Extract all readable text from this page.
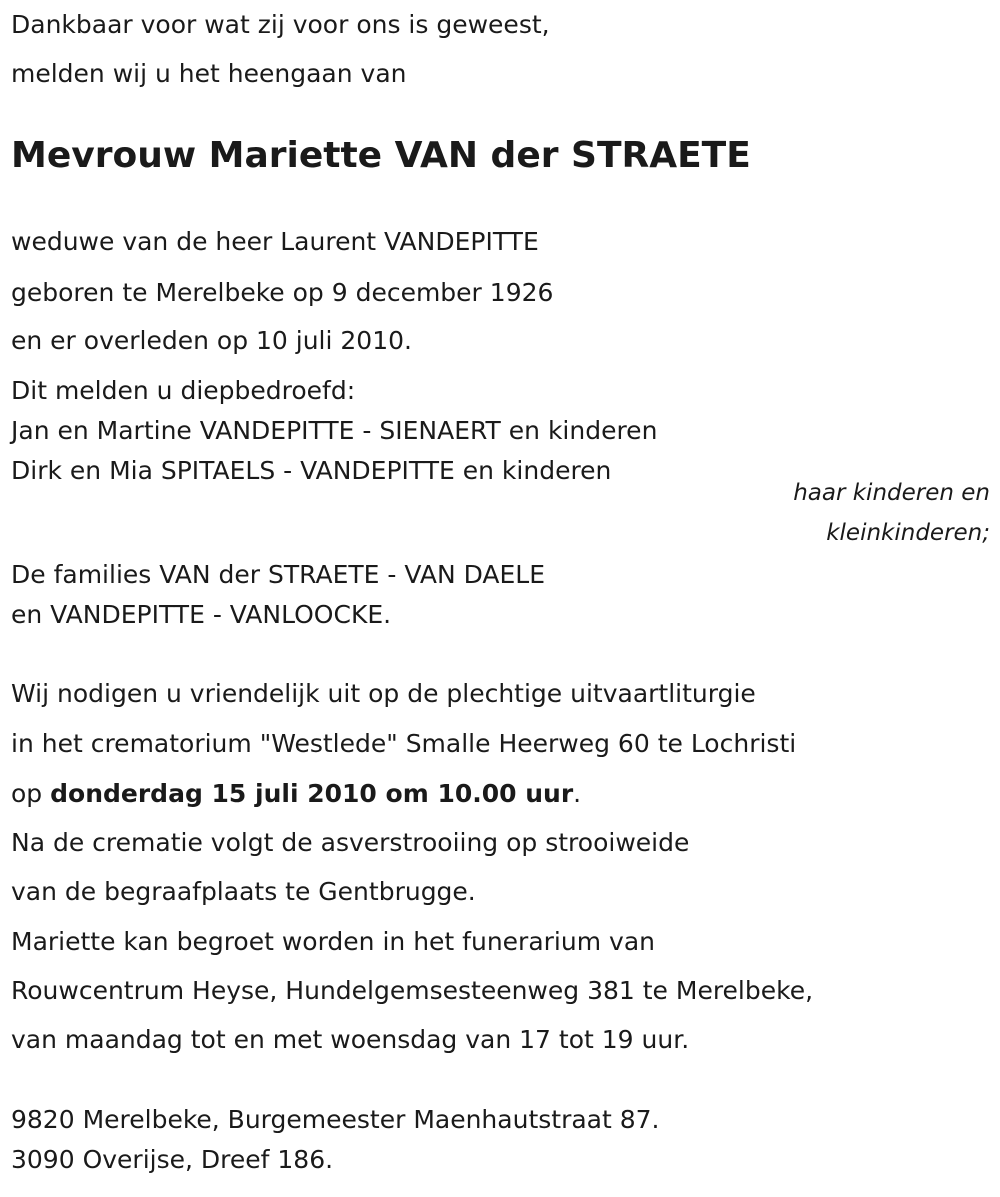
Dankbaar voor wat zij voor ons is geweest,

melden wij u het heengaan van

Mevrouw Mariette VAN der STRAETE

weduwe van de heer Laurent VANDEPITTE

geboren te Merelbeke op 9 december 1926

en er overleden op 10 juli 2010.

Dit melden u diepbedroefd:

Jan en Martine VANDEPITTE - SIENAERT en kinderen

Dirk en Mia SPITAELS - VANDEPITTE en kinderen

haar kinderen en

kleinkinderen;

De families VAN der STRAETE - VAN DAELE

en VANDEPITTE - VANLOOCKE.

Wij nodigen u vriendelijk uit op de plechtige uitvaartliturgie

in het crematorium "Westlede" Smalle Heerweg 60 te Lochristi

op donderdag 15 juli 2010 om 10.00 uur.

Na de crematie volgt de asverstrooiing op strooiweide

van de begraafplaats te Gentbrugge.

Mariette kan begroet worden in het funerarium van

Rouwcentrum Heyse, Hundelgemsesteenweg 381 te Merelbeke,

van maandag tot en met woensdag van 17 tot 19 uur.

9820 Merelbeke, Burgemeester Maenhautstraat 87.

3090 Overijse, Dreef 186.
